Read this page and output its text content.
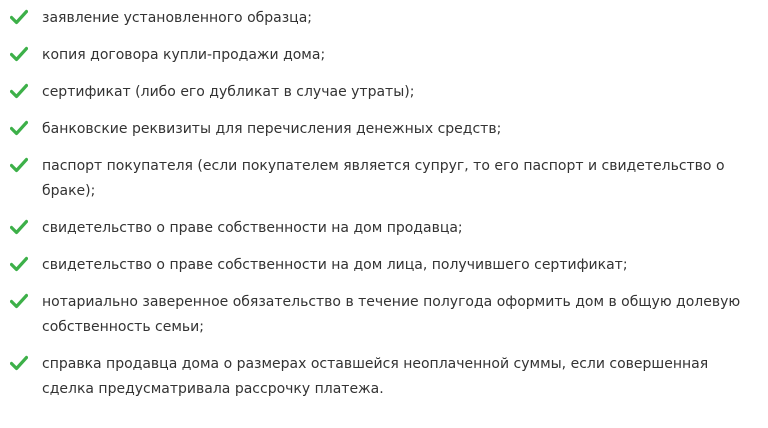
заявление установленного образца;
копия договора купли-продажи дома;
сертификат (либо его дубликат в случае утраты);
банковские реквизиты для перечисления денежных средств;
паспорт покупателя (если покупателем является супруг, то его паспорт и свидетельство о браке);
свидетельство о праве собственности на дом продавца;
свидетельство о праве собственности на дом лица, получившего сертификат;
нотариально заверенное обязательство в течение полугода оформить дом в общую долевую собственность семьи;
справка продавца дома о размерах оставшейся неоплаченной суммы, если совершенная сделка предусматривала рассрочку платежа.
